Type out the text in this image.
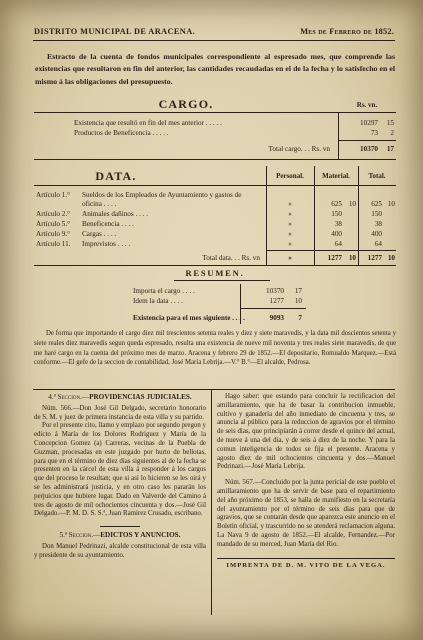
DISTRITO MUNICIPAL DE ARACENA.	Mes de Febrero de 1852.

Estracto de la cuenta de fondos municipales correspondiente al espresado mes, que comprende las existencias que resultaron en fin del anterior, las cantidades recaudadas en el de la fecha y lo satisfecho en el mismo á las obligaciones del presupuesto.

CARGO.	Rs. vn.
Existencia que resultó en fin del mes anterior . . . . .	10297	15
Productos de Beneficencia . . . . .	73	2
Total cargo. . . Rs. vn	10370	17
DATA.	Personal.	Material.	Total.
Artículo 1.° Sueldos de los Empleados de Ayuntamiento y gastos de oficina . . . .	»	625 10	625 10
Artículo 2.° Animales dañinos . . . .	»	150	150
Artículo 5.° Beneficencia . . . .	»	38	38
Artículo 9.° Cargas . . . .	»	400	400
Artículo 11. Imprevistos . . . .	»	64	64
Total data. . . Rs. vn	»	1277 10	1277 10
RESUMEN.
Importa el cargo . . . .	10370	17
Idem la data . . . .	1277	10
Existencia para el mes siguiente . . . .	9093	7

De forma que importando el cargo diez mil trescientos setenta reales y diez y siete maravedís, y la data mil doscientos setenta y siete reales diez maravedís segun queda espresado, resulta una existencia de nueve mil noventa y tres reales siete maravedís, de que me haré cargo en la cuenta del próximo mes de marzo. Aracena y febrero 29 de 1852.—El depositario, Romualdo Marquez.—Está conforme.—El gefe de la seccion de contabilidad, José María Lebrija.—V.° B.°—El alcalde, Pedrosa.

4.ª Seccion.—PROVIDENCIAS JUDICIALES.

Núm. 566.—Don José Gil Delgado, secretario honorario de S. M. y juez de primera instancia de esta villa y su partido.

Por el presente cito, llamo y emplazo por segundo pregon y edicto á María de los Dolores Rodriguez y María de la Concepcion Gomez (a) Carreras, vecinas de la Puebla de Guzman, procesadas en este juzgado por hurto de bellotas, para que en el término de diez dias siguientes al de la fecha se presenten en la cárcel de esta villa á responder á los cargos que del proceso le resultan; que si así lo hicieren se les oirá y se les administrará justicia, y en otro caso les pararán los perjuicios que hubiere lugar. Dado en Valverde del Camino á tres de agosto de mil ochocientos cincuenta y dos.—José Gil Delgado.—P. M. D. S. S.ª, Juan Ramirez Crusado, escribano.

5.ª Seccion.—EDICTOS Y ANUNCIOS.

Don Manuel Pedrinazi, alcalde constitucional de esta villa y presidente de su ayuntamiento.

Hago saber: que estando para concluir la rectificacion del amillaramiento, que ha de basar la contribucion inmueble, cultivo y ganadería del año inmediato de cincuenta y tres, se anuncia al público para la reduccion de agravios por el término de seis dias, que principiarán á correr desde el quince del actual, de nueve á una del dia, y de seis á diez de la noche. Y para la comun inteligencia de todos se fija el presente. Aracena y agosto diez de mil ochocientos cincuenta y dos.—Manuel Pedrinazi.—José María Lebrija.

Núm. 567.—Concluido por la junta pericial de este pueblo el amillaramiento que ha de servir de base para el repartimiento del año próximo de 1853, se halla de manifiesto en la secretaría del ayuntamiento por el término de seis dias para que de agravios, que se contarán desde que aparezca este anuncio en el Boletin oficial, y trascurrido no se atenderá reclamacion alguna. La Nava 9 de agosto de 1852.—El alcalde, Fernandez.—Por mandado de su merced, Juan María del Rio.

IMPRENTA DE D. M. VITO DE LA VEGA.
